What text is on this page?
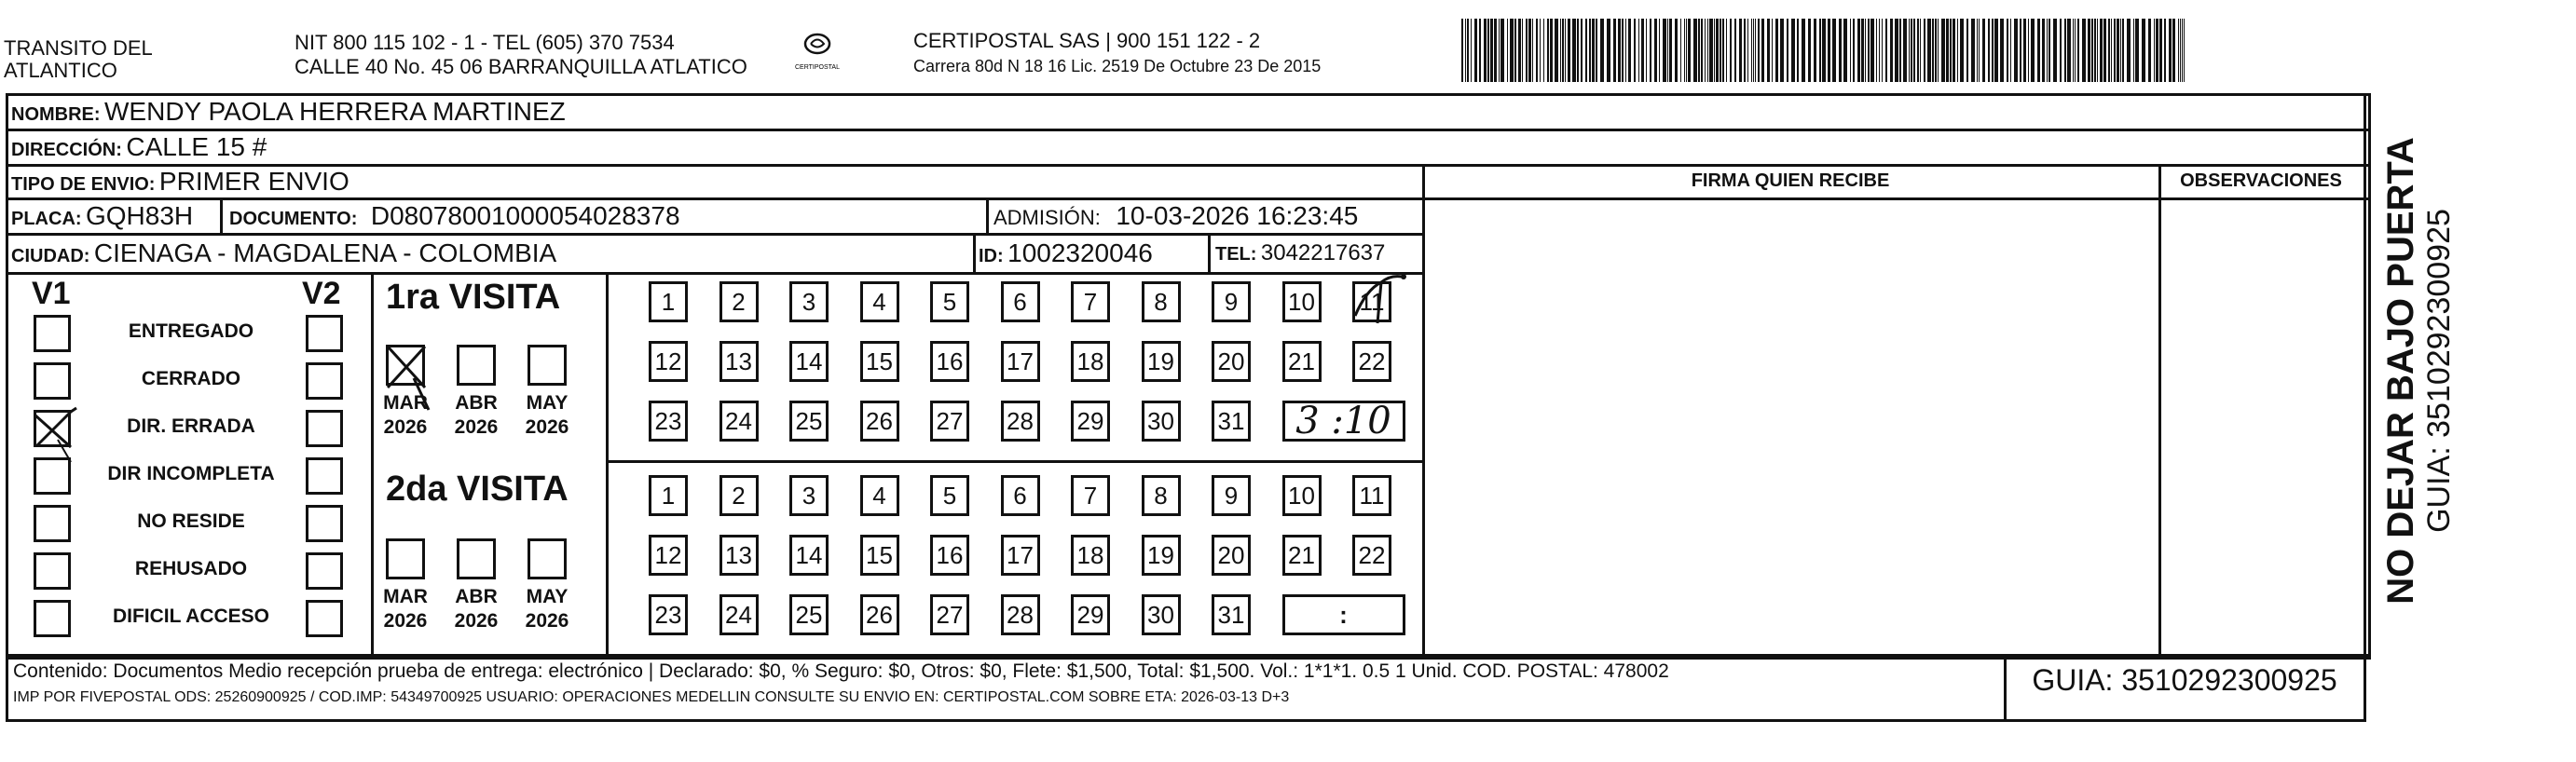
TRANSITO DEL
ATLANTICO
NIT 800 115 102 - 1 - TEL (605) 370 7534
CALLE 40 No. 45 06 BARRANQUILLA ATLATICO	CERTIPOSTAL
CERTIPOSTAL SAS | 900 151 122 - 2
Carrera 80d N 18 16 Lic. 2519 De Octubre 23 De 2015
NOMBRE: WENDY PAOLA HERRERA MARTINEZ
DIRECCIÓN: CALLE 15 #
TIPO DE ENVIO: PRIMER ENVIO	FIRMA QUIEN RECIBE	OBSERVACIONES
PLACA: GQH83H DOCUMENTO: D08078001000054028378	ADMISIÓN: 10-03-2026 16:23:45
CIUDAD: CIENAGA - MAGDALENA - COLOMBIA	ID: 1002320046	TEL: 3042217637
V1	V2
ENTREGADO
CERRADO
DIR. ERRADA
DIR INCOMPLETA
NO RESIDE
REHUSADO
DIFICIL ACCESO
1ra VISITA
MAR
2026
ABR
2026
MAY
2026
1 2 3 4 5 6 7 8 9 10 11
12 13 14 15 16 17 18 19 20 21 22
23 24 25 26 27 28 29 30 31 3 :10
2da VISITA
MAR
2026
ABR
2026
MAY
2026
1 2 3 4 5 6 7 8 9 10 11
12 13 14 15 16 17 18 19 20 21 22
23 24 25 26 27 28 29 30 31	:
NO DEJAR BAJO PUERTA GUIA: 3510292300925
Contenido: Documentos Medio recepción prueba de entrega: electrónico | Declarado: $0, % Seguro: $0, Otros: $0, Flete: $1,500, Total: $1,500. Vol.: 1*1*1. 0.5 1 Unid. COD. POSTAL: 478002
IMP POR FIVEPOSTAL ODS: 25260900925 / COD.IMP: 54349700925 USUARIO: OPERACIONES MEDELLIN CONSULTE SU ENVIO EN: CERTIPOSTAL.COM SOBRE ETA: 2026-03-13 D+3
GUIA: 3510292300925
